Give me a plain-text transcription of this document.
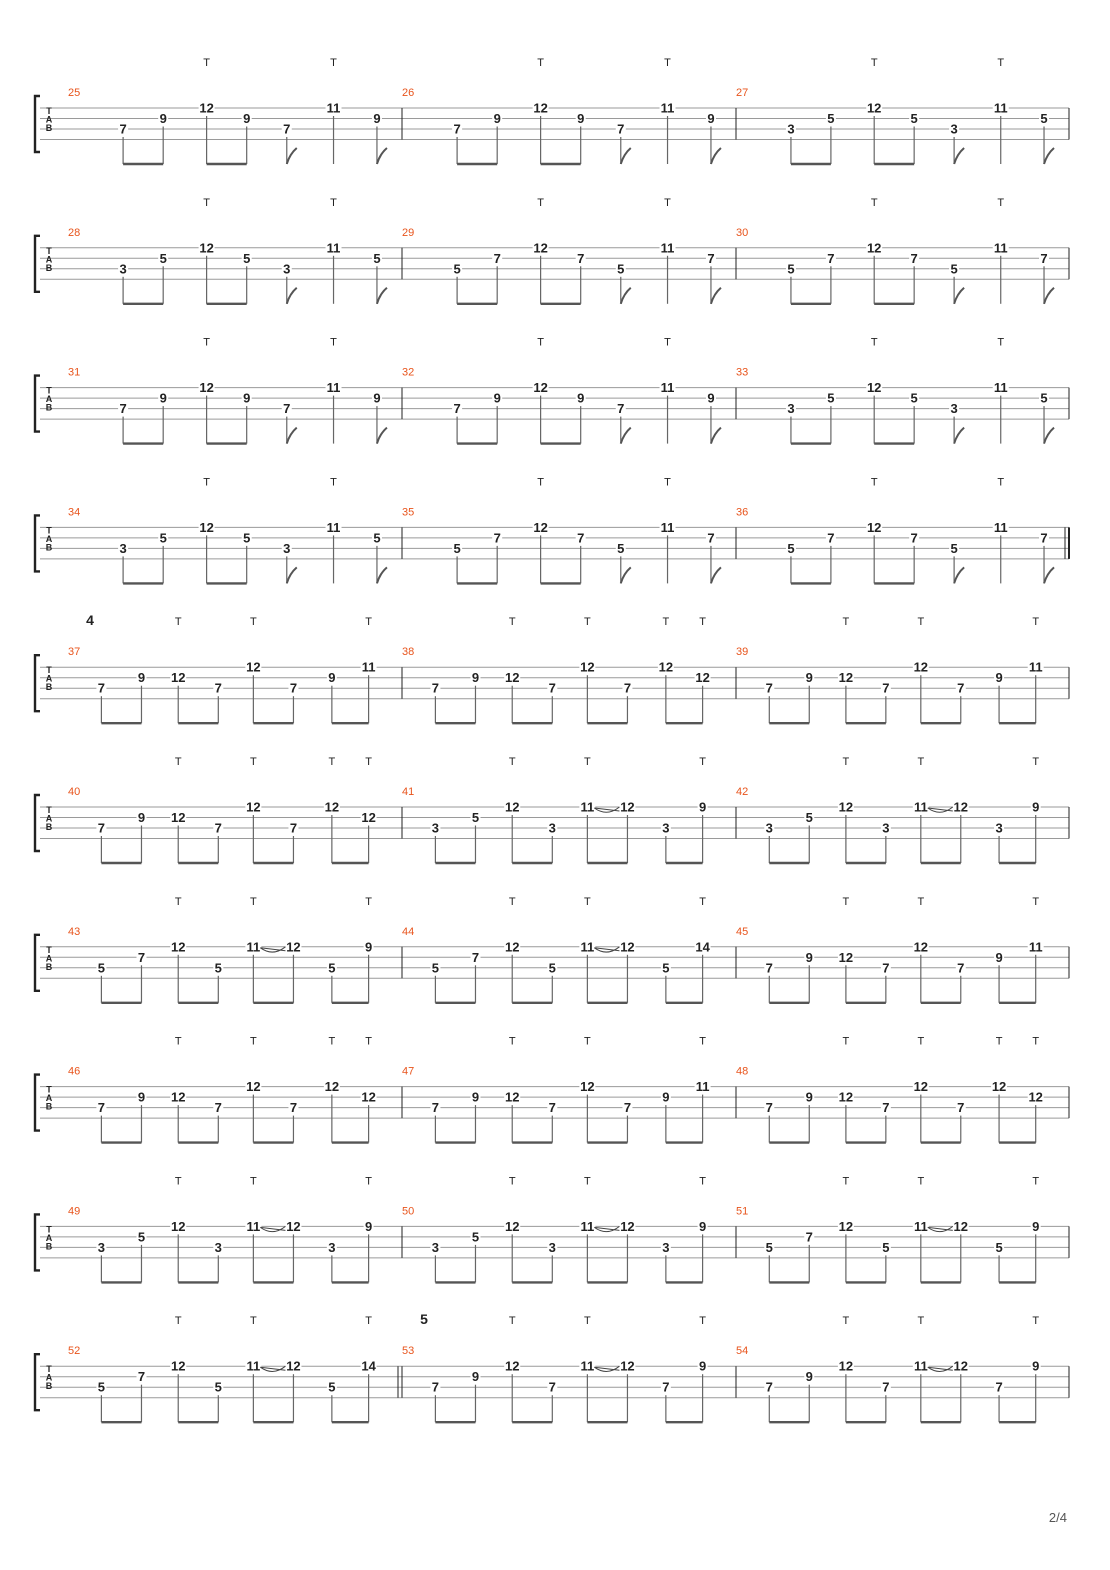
T
A
B
25
7
9
12
T
9
7
11
T
9
26
7
9
12
T
9
7
11
T
9
27
3
5
12
T
5
3
11
T
5
T
A
B
28
3
5
12
T
5
3
11
T
5
29
5
7
12
T
7
5
11
T
7
30
5
7
12
T
7
5
11
T
7
T
A
B
31
7
9
12
T
9
7
11
T
9
32
7
9
12
T
9
7
11
T
9
33
3
5
12
T
5
3
11
T
5
T
A
B
34
3
5
12
T
5
3
11
T
5
35
5
7
12
T
7
5
11
T
7
36
5
7
12
T
7
5
11
T
7
T
A
B
4
37
7
9 12
T
7
12
T
7
9
11
T
38
7
9 12
T
7
12
T
7
12
T
12
T
39
7
9 12
T
7
12
T
7
9
11
T
T
A
B
40
7
9 12
T
7
12
T
7
12
T
12
T
41
3
5
12
T
3
11
T
12
3
9
T
42
3
5
12
T
3
11
T
12
3
9
T
T
A
B
43
5
7
12
T
5
11
T
12
5
9
T
44
5
7
12
T
5
11
T
12
5
14
T
45
7
9 12
T
7
12
T
7
9
11
T
T
A
B
46
7
9 12
T
7
12
T
7
12
T
12
T
47
7
9 12
T
7
12
T
7
9
11
T
48
7
9 12
T
7
12
T
7
12
T
12
T
T
A
B
49
3
5
12
T
3
11
T
12
3
9
T
50
3
5
12
T
3
11
T
12
3
9
T
51
5
7
12
T
5
11
T
12
5
9
T
T
A
B
5
52
5
7
12
T
5
11
T
12
5
14
T
53
7
9
12
T
7
11
T
12
7
9
T
54
7
9
12
T
7
11
T
12
7
9
T
2/4
